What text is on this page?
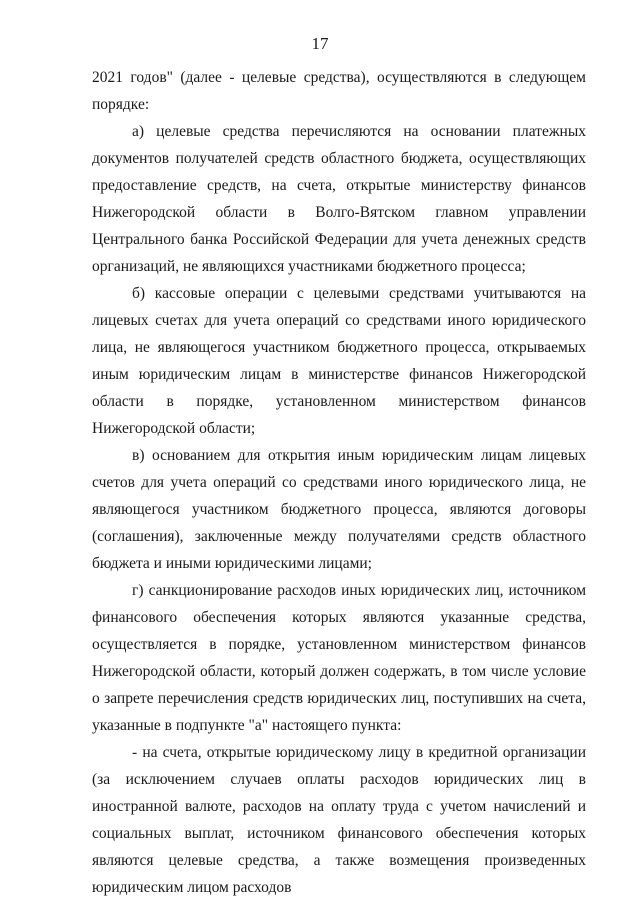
17

2021 годов" (далее - целевые средства), осуществляются в следующем порядке:

а) целевые средства перечисляются на основании платежных документов получателей средств областного бюджета, осуществляющих предоставление средств, на счета, открытые министерству финансов Нижегородской области в Волго-Вятском главном управлении Центрального банка Российской Федерации для учета денежных средств организаций, не являющихся участниками бюджетного процесса;

б) кассовые операции с целевыми средствами учитываются на лицевых счетах для учета операций со средствами иного юридического лица, не являющегося участником бюджетного процесса, открываемых иным юридическим лицам в министерстве финансов Нижегородской области в порядке, установленном министерством финансов Нижегородской области;

в) основанием для открытия иным юридическим лицам лицевых счетов для учета операций со средствами иного юридического лица, не являющегося участником бюджетного процесса, являются договоры (соглашения), заключенные между получателями средств областного бюджета и иными юридическими лицами;

г) санкционирование расходов иных юридических лиц, источником финансового обеспечения которых являются указанные средства, осуществляется в порядке, установленном министерством финансов Нижегородской области, который должен содержать, в том числе условие о запрете перечисления средств юридических лиц, поступивших на счета, указанные в подпункте "а" настоящего пункта:

- на счета, открытые юридическому лицу в кредитной организации (за исключением случаев оплаты расходов юридических лиц в иностранной валюте, расходов на оплату труда с учетом начислений и социальных выплат, источником финансового обеспечения которых являются целевые средства, а также возмещения произведенных юридическим лицом расходов
